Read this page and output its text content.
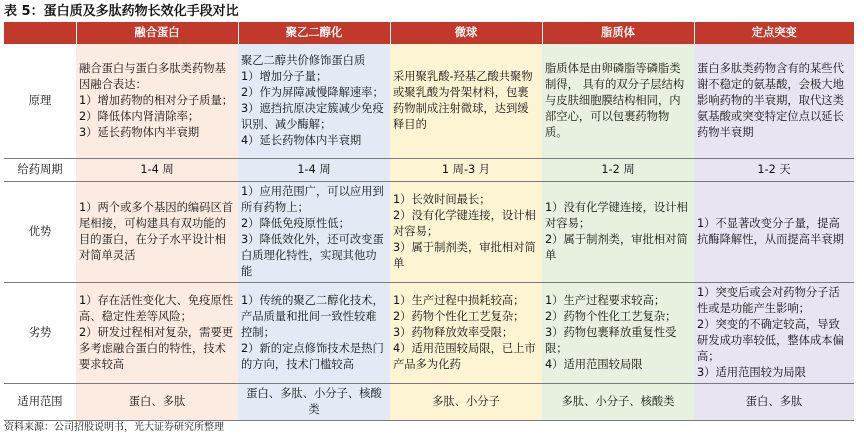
表 5：蛋白质及多肽药物长效化手段对比
	融合蛋白	聚乙二醇化	微球	脂质体	定点突变
原理	融合蛋白与蛋白多肽类药物基因融合表达：
1）增加药物的相对分子质量；
2）降低体内肾清除率；
3）延长药物体内半衰期	聚乙二醇共价修饰蛋白质
1）增加分子量；
2）作为屏障减慢降解速率；
3）遮挡抗原决定簇减少免疫识别、减少酶解；
4）延长药物体内半衰期	采用聚乳酸-羟基乙酸共聚物或聚乳酸为骨架材料，包裹药物制成注射微球，达到缓释目的	脂质体是由卵磷脂等磷脂类制得， 具有的双分子层结构与皮肤细胞膜结构相同，内部空心，可以包裹药物物质。	蛋白多肽类药物含有的某些代谢不稳定的氨基酸，会极大地影响药物的半衰期，取代这类氨基酸或突变特定位点以延长药物半衰期

给药周期	1-4 周	1-4 周	1 周-3 月	1-2 周	1-2 天
优势	1）两个或多个基因的编码区首尾相接，可构建具有双功能的目的蛋白，在分子水平设计相对简单灵活	1）应用范围广，可以应用到所有药物上；
2）降低免疫原性低；
3）降低效化外，还可改变蛋白质理化特性，实现其他功能	1）长效时间最长；
2）没有化学键连接，设计相对容易；
3）属于制剂类，审批相对简单	1）没有化学键连接，设计相对容易；
2）属于制剂类，审批相对简单	1）不显著改变分子量，提高抗酶降解性，从而提高半衰期

劣势	1）存在活性变化大、免疫原性高、稳定性差等风险；
2）研发过程相对复杂，需要更多考虑融合蛋白的特性，技术要求较高	1）传统的聚乙二醇化技术，产品质量和批间一致性较难控制；
2）新的定点修饰技术是热门的方向，技术门槛较高	1）生产过程中损耗较高；
2）药物个性化工艺复杂；
3）药物释放效率受限；
4）适用范围较局限，已上市产品多为化药	1）生产过程要求较高；
2）药物个性化工艺复杂；
3）药物包裹释放重复性受限；
4）适用范围较局限	1）突变后或会对药物分子活性或是功能产生影响；
2）突变的不确定较高，导致研发成功率较低，整体成本偏高；
3）适用范围较为局限

适用范围	蛋白、多肽	蛋白、多肽、小分子、核酸类	多肽、小分子	多肽、小分子、核酸类	蛋白、多肽
资料来源：公司招股说明书，光大证券研究所整理
